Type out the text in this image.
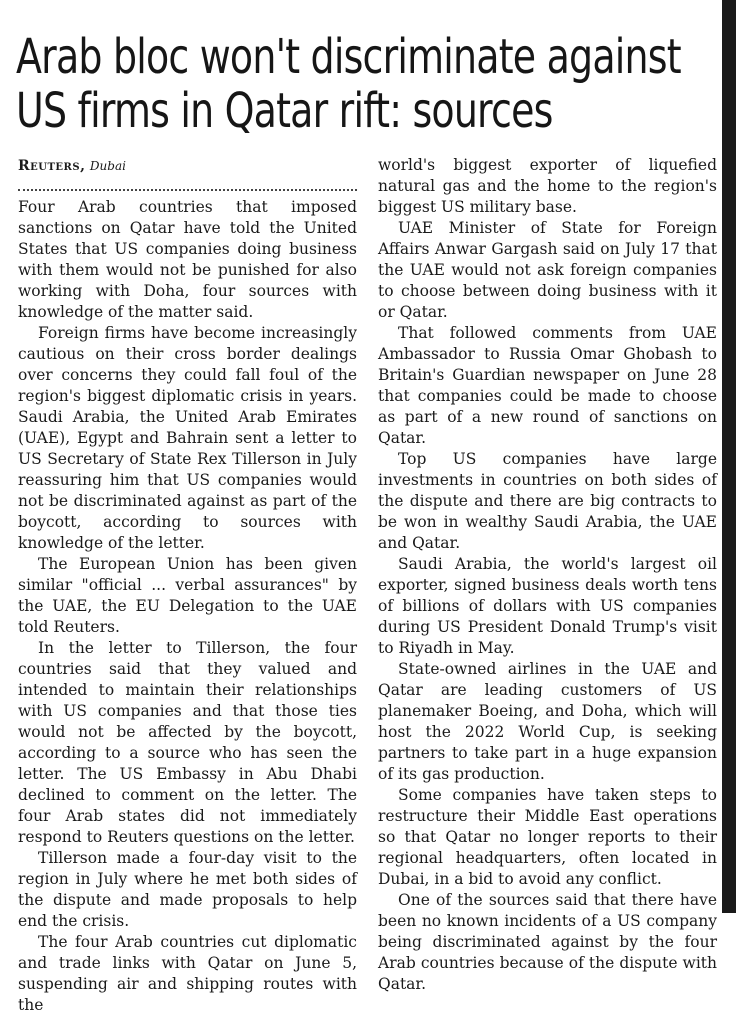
Arab bloc won't discriminate against
US firms in Qatar rift: sources
Reuters, Dubai

Four Arab countries that imposed sanctions on Qatar have told the United States that US companies doing business with them would not be punished for also working with Doha, four sources with knowledge of the matter said.

Foreign firms have become increasingly cautious on their cross border dealings over concerns they could fall foul of the region's biggest diplomatic crisis in years. Saudi Arabia, the United Arab Emirates (UAE), Egypt and Bahrain sent a letter to US Secretary of State Rex Tillerson in July reassuring him that US companies would not be discriminated against as part of the boycott, according to sources with knowledge of the letter.

The European Union has been given similar "official ... verbal assurances" by the UAE, the EU Delegation to the UAE told Reuters.

In the letter to Tillerson, the four countries said that they valued and intended to maintain their relationships with US companies and that those ties would not be affected by the boycott, according to a source who has seen the letter. The US Embassy in Abu Dhabi declined to comment on the letter. The four Arab states did not immediately respond to Reuters questions on the letter.

Tillerson made a four-day visit to the region in July where he met both sides of the dispute and made proposals to help end the crisis.

The four Arab countries cut diplomatic and trade links with Qatar on June 5, suspending air and shipping routes with the

world's biggest exporter of liquefied natural gas and the home to the region's biggest US military base.

UAE Minister of State for Foreign Affairs Anwar Gargash said on July 17 that the UAE would not ask foreign companies to choose between doing business with it or Qatar.

That followed comments from UAE Ambassador to Russia Omar Ghobash to Britain's Guardian newspaper on June 28 that companies could be made to choose as part of a new round of sanctions on Qatar.

Top US companies have large investments in countries on both sides of the dispute and there are big contracts to be won in wealthy Saudi Arabia, the UAE and Qatar.

Saudi Arabia, the world's largest oil exporter, signed business deals worth tens of billions of dollars with US companies during US President Donald Trump's visit to Riyadh in May.

State-owned airlines in the UAE and Qatar are leading customers of US planemaker Boeing, and Doha, which will host the 2022 World Cup, is seeking partners to take part in a huge expansion of its gas production.

Some companies have taken steps to restructure their Middle East operations so that Qatar no longer reports to their regional headquarters, often located in Dubai, in a bid to avoid any conflict.

One of the sources said that there have been no known incidents of a US company being discriminated against by the four Arab countries because of the dispute with Qatar.
